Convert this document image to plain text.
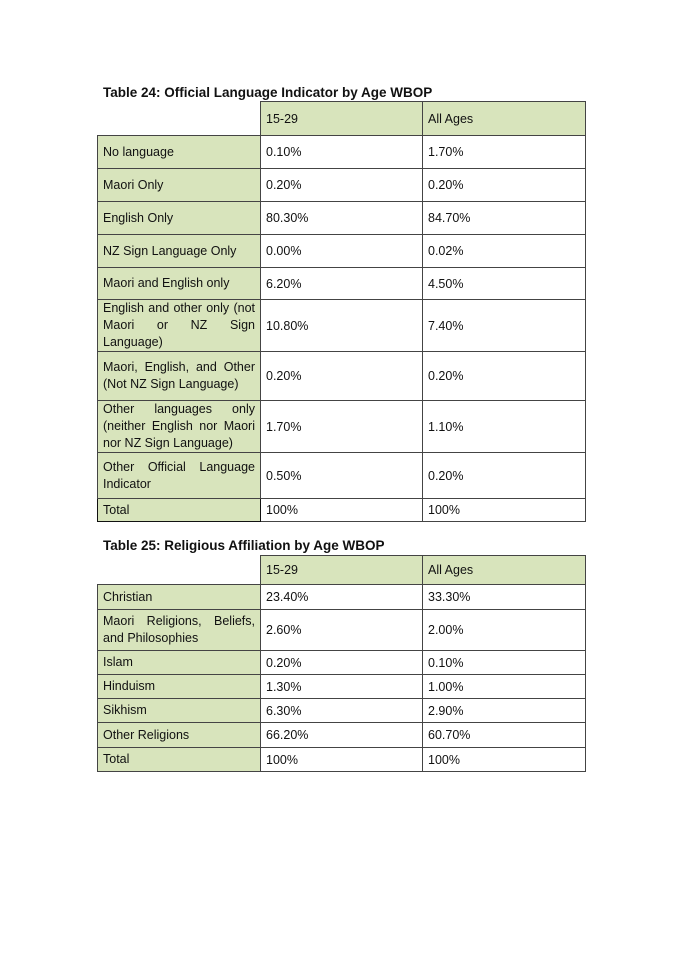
Table 24: Official Language Indicator by Age WBOP
	15-29	All Ages
No language	0.10%	1.70%
Maori Only	0.20%	0.20%
English Only	80.30%	84.70%
NZ Sign Language Only	0.00%	0.02%
Maori and English only	6.20%	4.50%
English and other only (not Maori or NZ Sign Language)	10.80%	7.40%
Maori, English, and Other (Not NZ Sign Language)	0.20%	0.20%
Other languages only (neither English nor Maori nor NZ Sign Language)	1.70%	1.10%
Other Official Language Indicator	0.50%	0.20%
Total	100%	100%
Table 25: Religious Affiliation by Age WBOP
	15-29	All Ages
Christian	23.40%	33.30%
Maori Religions, Beliefs, and Philosophies	2.60%	2.00%
Islam	0.20%	0.10%
Hinduism	1.30%	1.00%
Sikhism	6.30%	2.90%
Other Religions	66.20%	60.70%
Total	100%	100%
